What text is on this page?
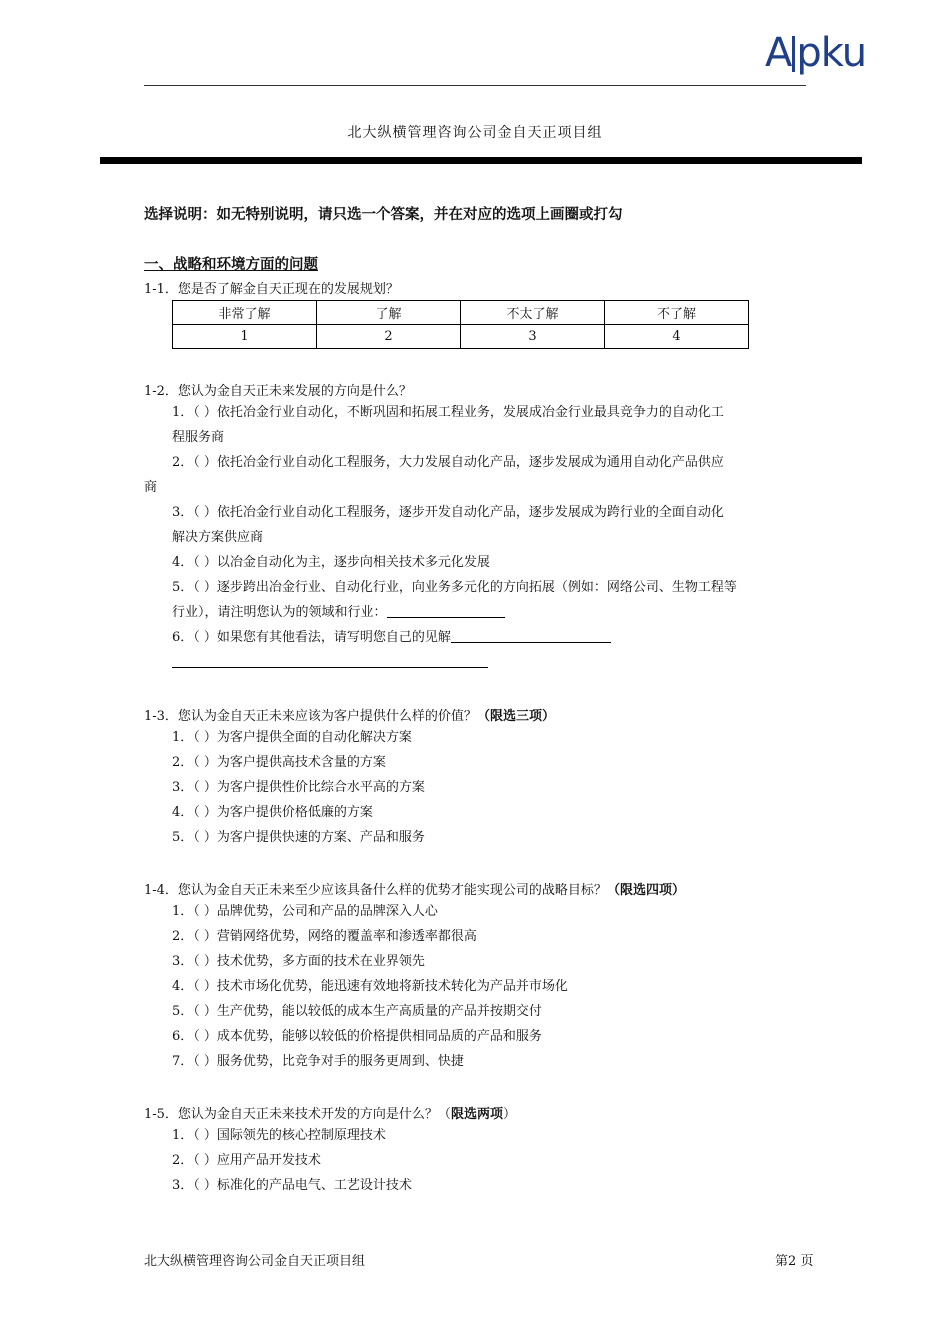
A pku
北大纵横管理咨询公司金自天正项目组
选择说明：如无特别说明，请只选一个答案，并在对应的选项上画圈或打勾
一、战略和环境方面的问题
1-1．您是否了解金自天正现在的发展规划？
非常了解	了解	不太了解	不了解
1	2	3	4
1-2．您认为金自天正未来发展的方向是什么？
1．（ ）依托冶金行业自动化，不断巩固和拓展工程业务，发展成冶金行业最具竞争力的自动化工
程服务商
2．（ ）依托冶金行业自动化工程服务，大力发展自动化产品，逐步发展成为通用自动化产品供应
商
3．（ ）依托冶金行业自动化工程服务，逐步开发自动化产品，逐步发展成为跨行业的全面自动化
解决方案供应商
4．（ ）以冶金自动化为主，逐步向相关技术多元化发展
5．（ ）逐步跨出冶金行业、自动化行业，向业务多元化的方向拓展（例如：网络公司、生物工程等
行业），请注明您认为的领域和行业：
6．（ ）如果您有其他看法，请写明您自己的见解
1-3．您认为金自天正未来应该为客户提供什么样的价值？（限选三项）
1．（ ）为客户提供全面的自动化解决方案
2．（ ）为客户提供高技术含量的方案
3．（ ）为客户提供性价比综合水平高的方案
4．（ ）为客户提供价格低廉的方案
5．（ ）为客户提供快速的方案、产品和服务
1-4．您认为金自天正未来至少应该具备什么样的优势才能实现公司的战略目标？（限选四项）
1．（ ）品牌优势，公司和产品的品牌深入人心
2．（ ）营销网络优势，网络的覆盖率和渗透率都很高
3．（ ）技术优势，多方面的技术在业界领先
4．（ ）技术市场化优势，能迅速有效地将新技术转化为产品并市场化
5．（ ）生产优势，能以较低的成本生产高质量的产品并按期交付
6．（ ）成本优势，能够以较低的价格提供相同品质的产品和服务
7．（ ）服务优势，比竞争对手的服务更周到、快捷
1-5．您认为金自天正未来技术开发的方向是什么？（限选两项）
1．（ ）国际领先的核心控制原理技术
2．（ ）应用产品开发技术
3．（ ）标准化的产品电气、工艺设计技术
北大纵横管理咨询公司金自天正项目组	第2 页
